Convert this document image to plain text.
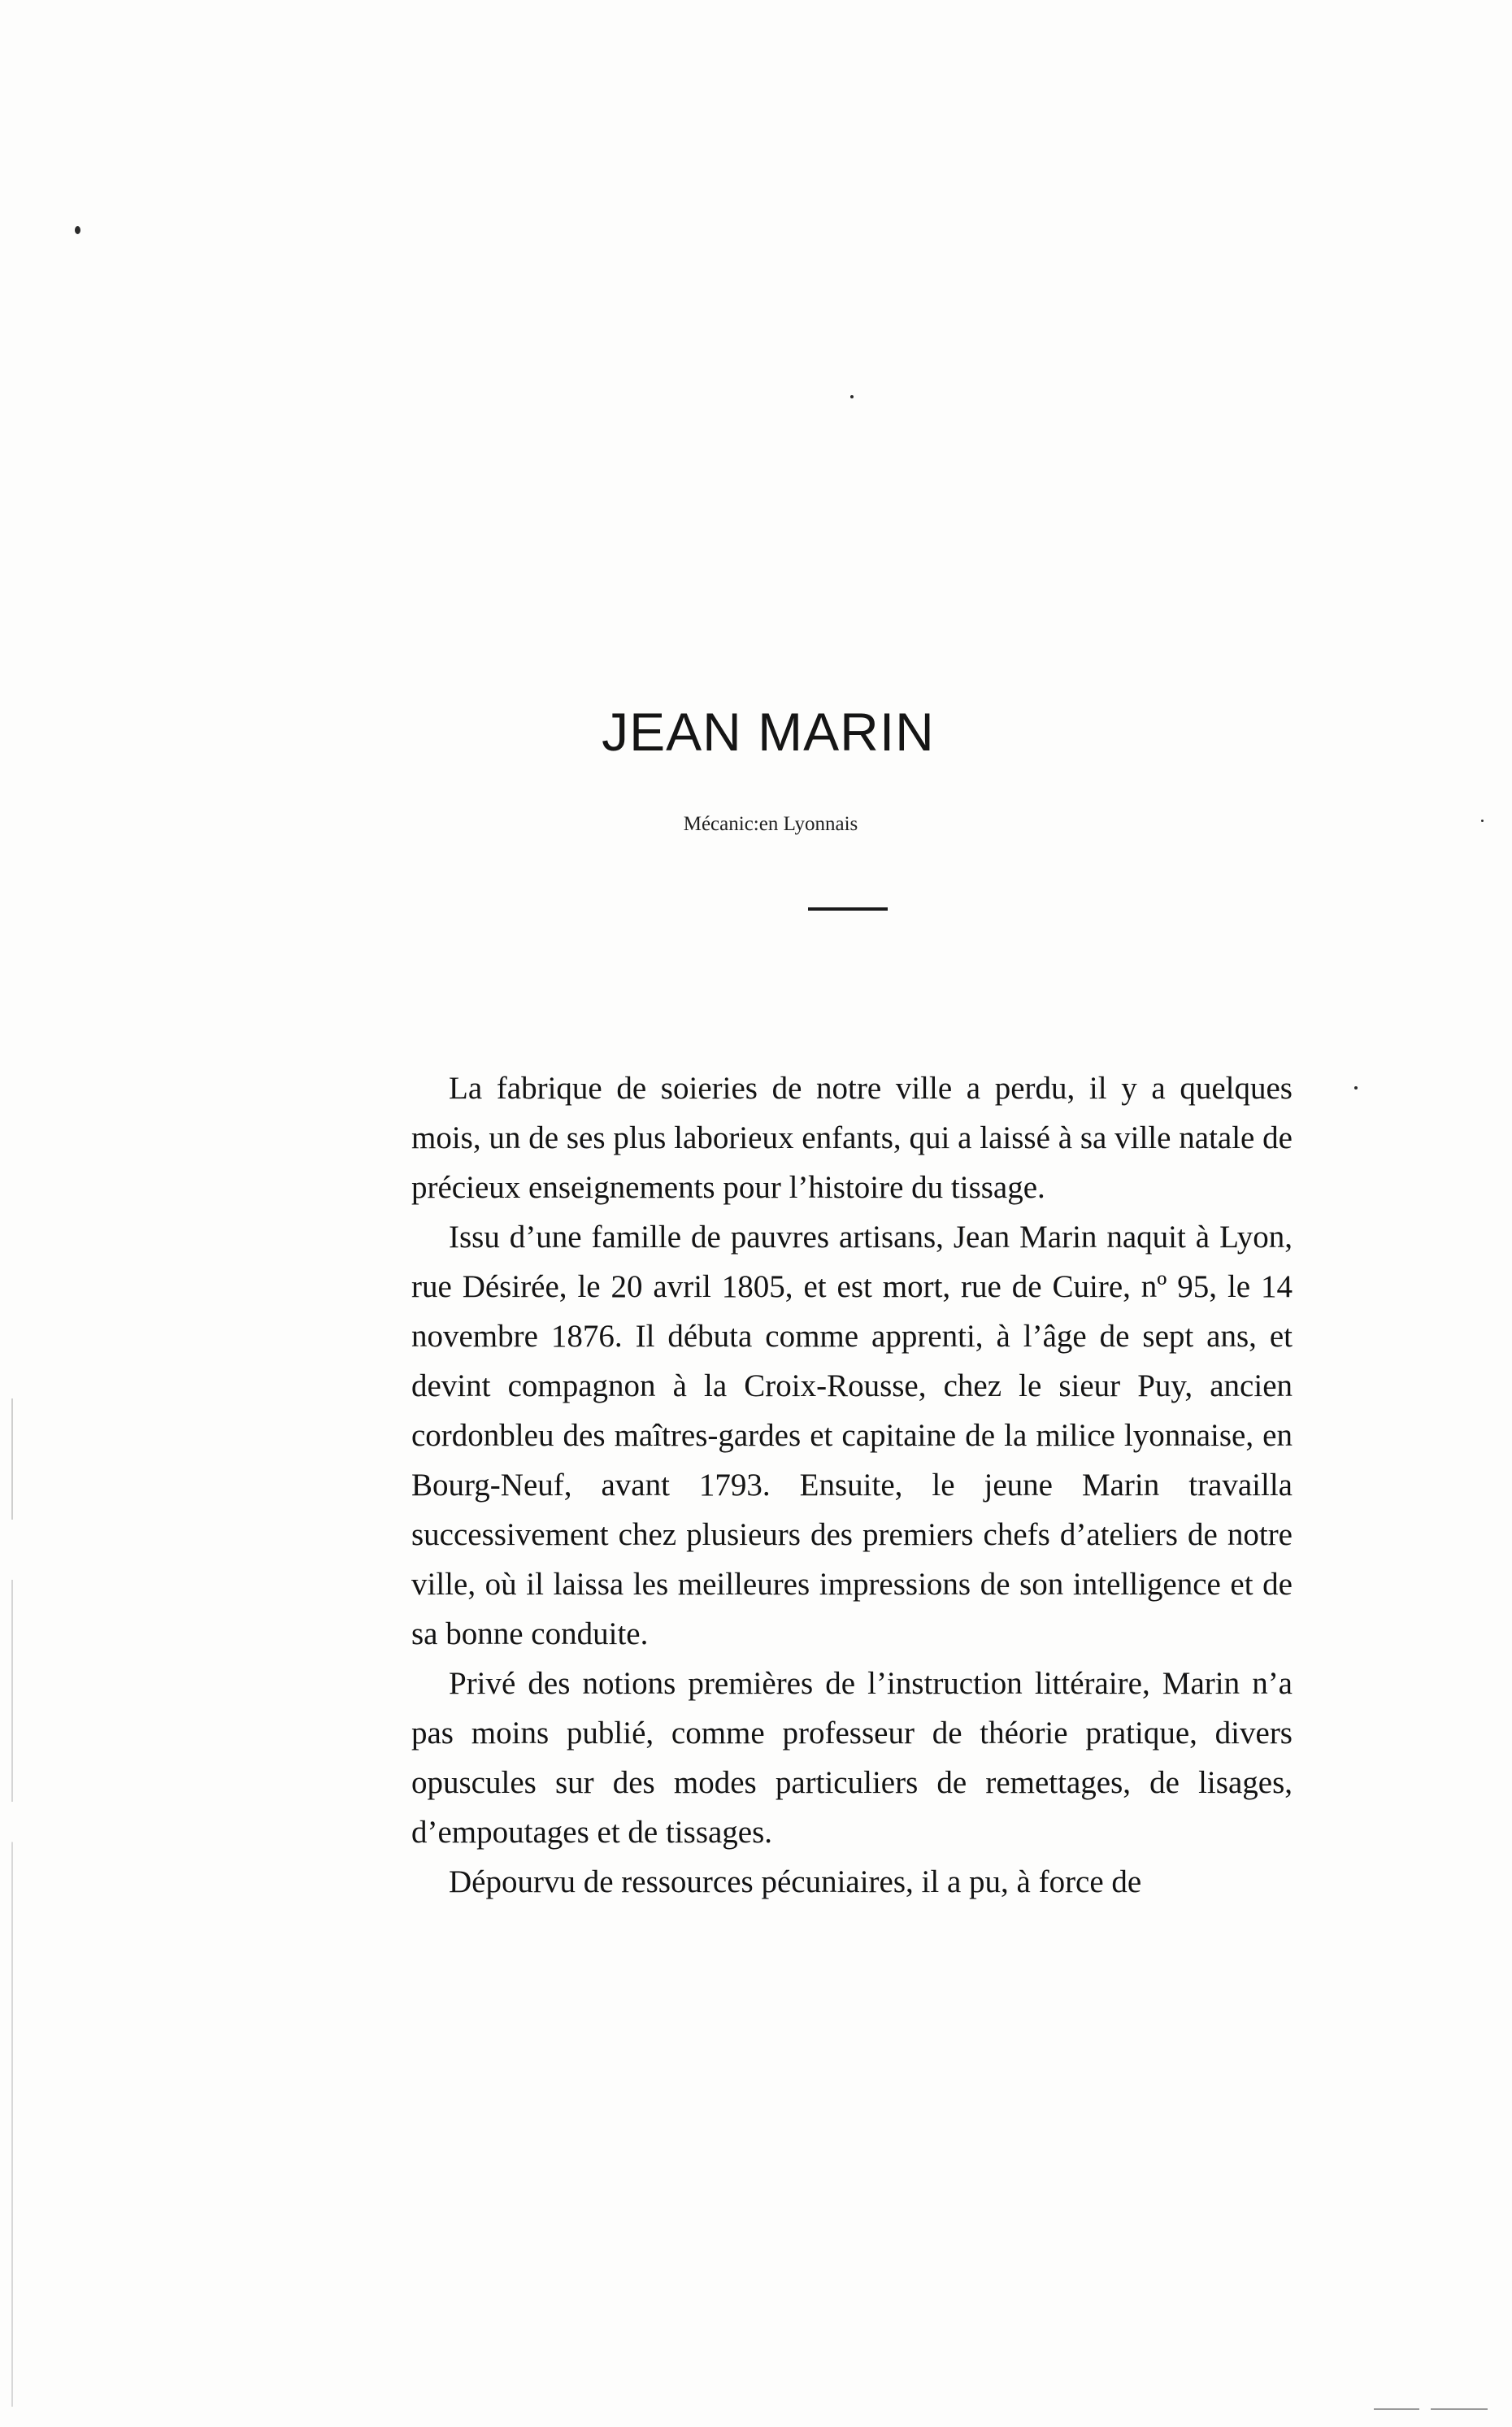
JEAN MARIN
Mécanic:en Lyonnais

La fabrique de soieries de notre ville a perdu, il y a quelques mois, un de ses plus laborieux enfants, qui a laissé à sa ville natale de précieux enseignements pour l’histoire du tissage.

Issu d’une famille de pauvres artisans, Jean Marin naquit à Lyon, rue Désirée, le 20 avril 1805, et est mort, rue de Cuire, nº 95, le 14 novembre 1876. Il débuta comme apprenti, à l’âge de sept ans, et devint compagnon à la Croix-Rousse, chez le sieur Puy, ancien cordonbleu des maîtres-gardes et capitaine de la milice lyonnaise, en Bourg-Neuf, avant 1793. Ensuite, le jeune Marin travailla successivement chez plusieurs des premiers chefs d’ateliers de notre ville, où il laissa les meilleures impressions de son intelligence et de sa bonne conduite.

Privé des notions premières de l’instruction littéraire, Marin n’a pas moins publié, comme professeur de théorie pratique, divers opuscules sur des modes particuliers de remettages, de lisages, d’empoutages et de tissages.

Dépourvu de ressources pécuniaires, il a pu, à force de
